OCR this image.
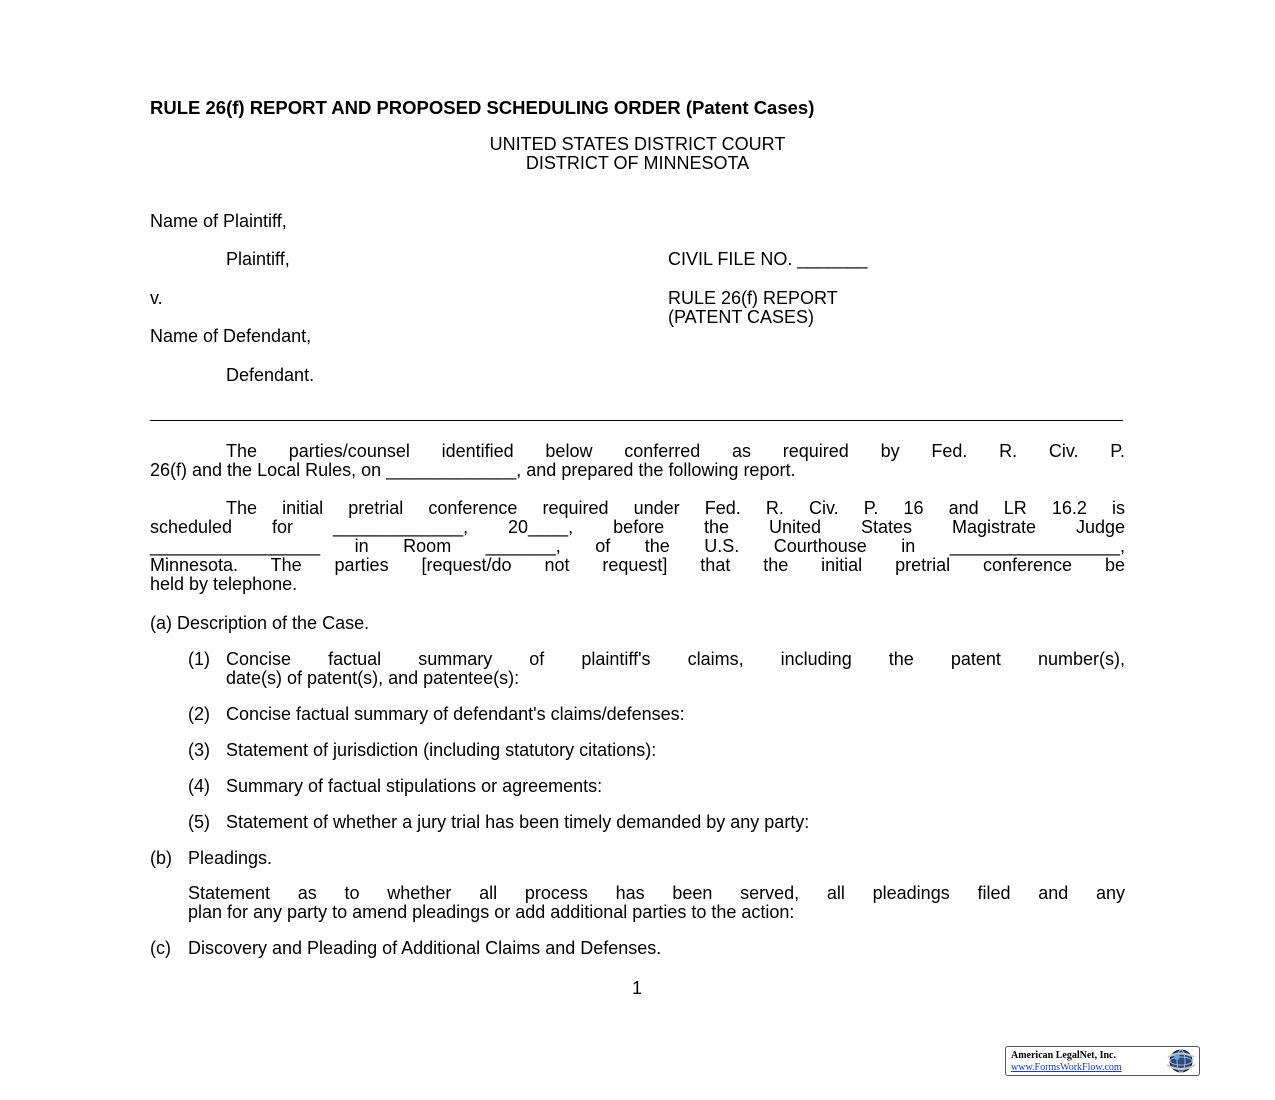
RULE 26(f) REPORT AND PROPOSED SCHEDULING ORDER (Patent Cases)
UNITED STATES DISTRICT COURT
DISTRICT OF MINNESOTA
Name of Plaintiff,
Plaintiff,	CIVIL FILE NO. _______
v.	RULE 26(f) REPORT
(PATENT CASES)
Name of Defendant,
Defendant.

The parties/counsel identified below conferred as required by Fed. R. Civ. P.

26(f) and the Local Rules, on _____________, and prepared the following report.

The initial pretrial conference required under Fed. R. Civ. P. 16 and LR 16.2 is

scheduled for _____________, 20____, before the United States Magistrate Judge

_________________ in Room _______, of the U.S. Courthouse in _________________,

Minnesota. The parties [request/do not request] that the initial pretrial conference be

held by telephone.

(a) Description of the Case.
(1) Concise factual summary of plaintiff's claims, including the patent number(s),
date(s) of patent(s), and patentee(s):
(2) Concise factual summary of defendant's claims/defenses:
(3) Statement of jurisdiction (including statutory citations):
(4) Summary of factual stipulations or agreements:
(5) Statement of whether a jury trial has been timely demanded by any party:
(b) Pleadings.
Statement as to whether all process has been served, all pleadings filed and any
plan for any party to amend pleadings or add additional parties to the action:
(c) Discovery and Pleading of Additional Claims and Defenses.
1
American LegalNet, Inc.
www.FormsWorkFlow.com
